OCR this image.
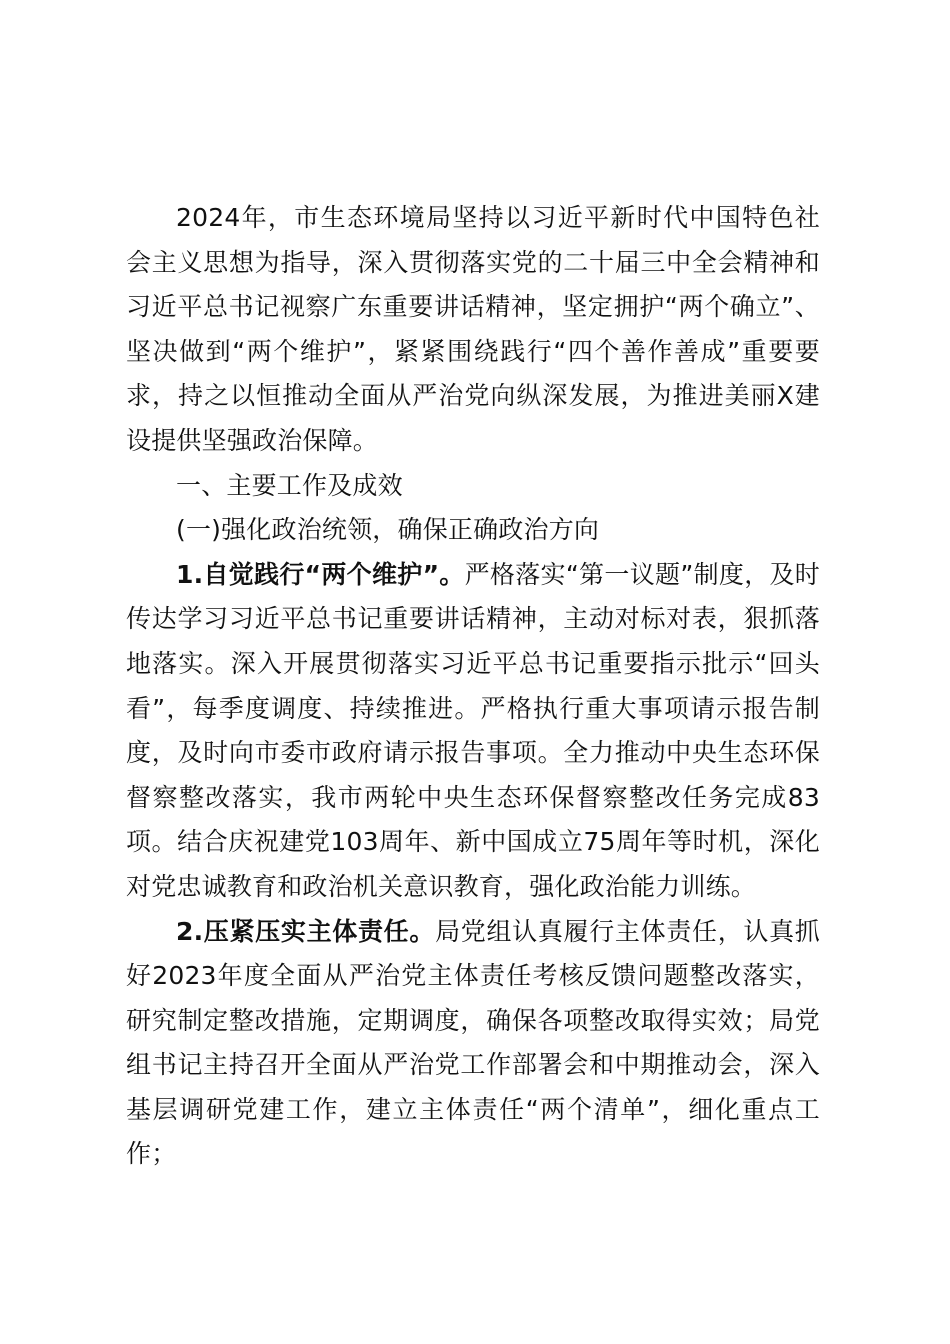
2024年，市生态环境局坚持以习近平新时代中国特色社会主义思想为指导，深入贯彻落实党的二十届三中全会精神和习近平总书记视察广东重要讲话精神，坚定拥护“两个确立”、坚决做到“两个维护”，紧紧围绕践行“四个善作善成”重要要求，持之以恒推动全面从严治党向纵深发展，为推进美丽X建设提供坚强政治保障。

一、主要工作及成效

(一)强化政治统领，确保正确政治方向

1.自觉践行“两个维护”。严格落实“第一议题”制度，及时传达学习习近平总书记重要讲话精神，主动对标对表，狠抓落地落实。深入开展贯彻落实习近平总书记重要指示批示“回头看”，每季度调度、持续推进。严格执行重大事项请示报告制度，及时向市委市政府请示报告事项。全力推动中央生态环保督察整改落实，我市两轮中央生态环保督察整改任务完成83项。结合庆祝建党103周年、新中国成立75周年等时机，深化对党忠诚教育和政治机关意识教育，强化政治能力训练。

2.压紧压实主体责任。局党组认真履行主体责任，认真抓好2023年度全面从严治党主体责任考核反馈问题整改落实，研究制定整改措施，定期调度，确保各项整改取得实效；局党组书记主持召开全面从严治党工作部署会和中期推动会，深入基层调研党建工作，建立主体责任“两个清单”，细化重点工作；
